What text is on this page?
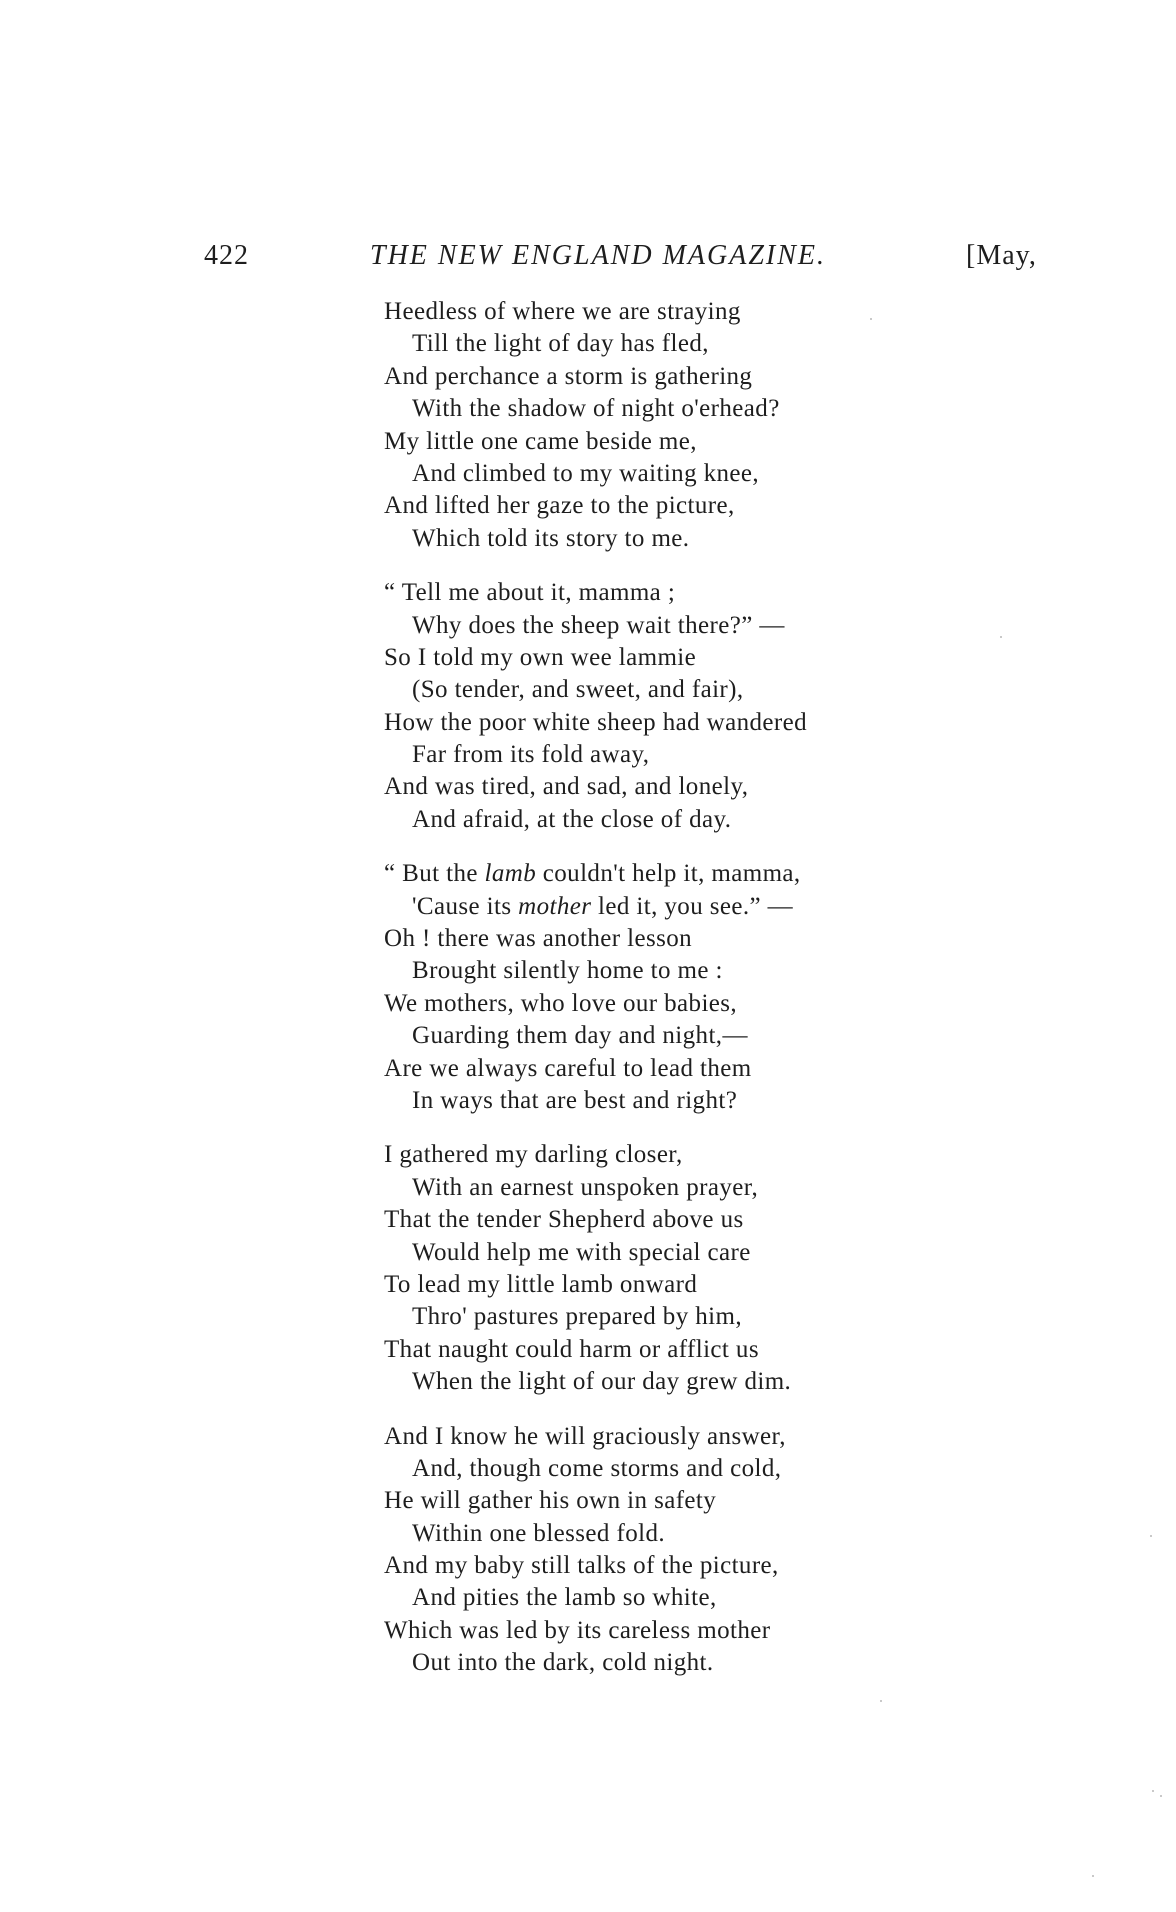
422	THE NEW ENGLAND MAGAZINE.	[May,
Heedless of where we are straying
Till the light of day has fled,
And perchance a storm is gathering
With the shadow of night o'erhead?
My little one came beside me,
And climbed to my waiting knee,
And lifted her gaze to the picture,
Which told its story to me.
“ Tell me about it, mamma ;
Why does the sheep wait there?” —
So I told my own wee lammie
(So tender, and sweet, and fair),
How the poor white sheep had wandered
Far from its fold away,
And was tired, and sad, and lonely,
And afraid, at the close of day.
“ But the lamb couldn't help it, mamma,
'Cause its mother led it, you see.” —
Oh ! there was another lesson
Brought silently home to me :
We mothers, who love our babies,
Guarding them day and night,—
Are we always careful to lead them
In ways that are best and right?
I gathered my darling closer,
With an earnest unspoken prayer,
That the tender Shepherd above us
Would help me with special care
To lead my little lamb onward
Thro' pastures prepared by him,
That naught could harm or afflict us
When the light of our day grew dim.
And I know he will graciously answer,
And, though come storms and cold,
He will gather his own in safety
Within one blessed fold.
And my baby still talks of the picture,
And pities the lamb so white,
Which was led by its careless mother
Out into the dark, cold night.
